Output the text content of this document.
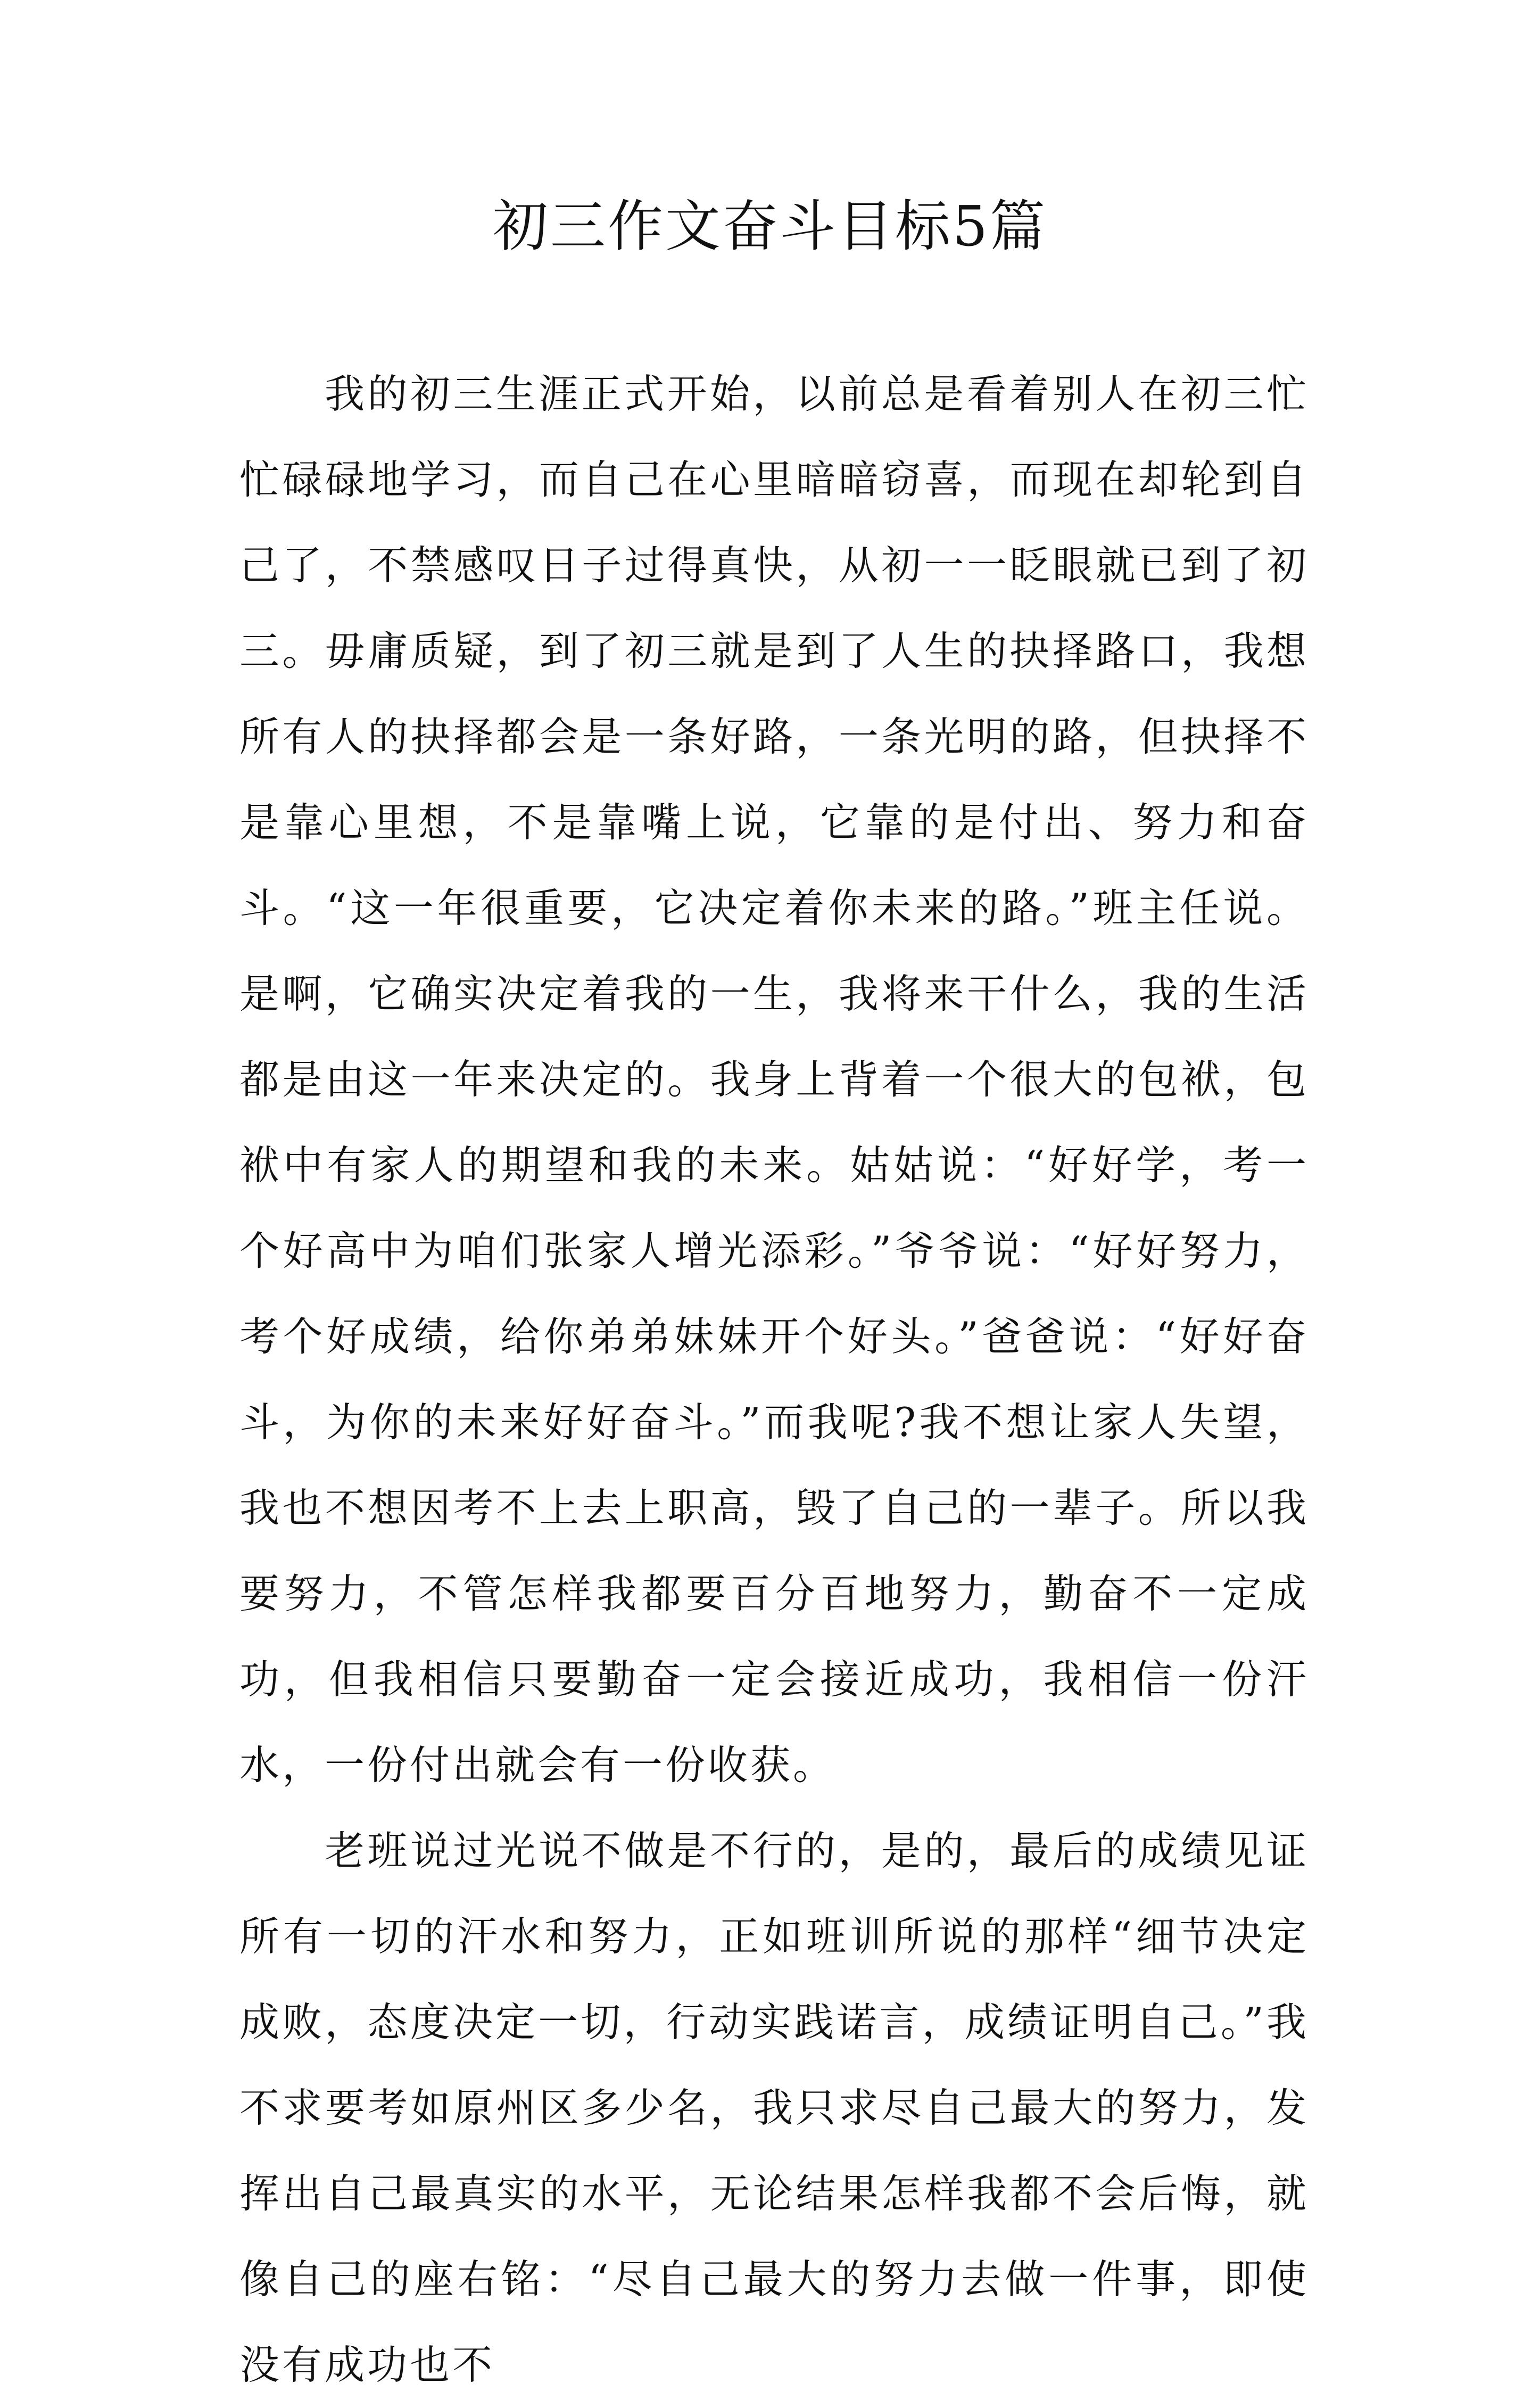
初三作文奋斗目标5篇

我的初三生涯正式开始，以前总是看着别人在初三忙忙碌碌地学习，而自己在心里暗暗窃喜，而现在却轮到自己了，不禁感叹日子过得真快，从初一一眨眼就已到了初三。毋庸质疑，到了初三就是到了人生的抉择路口，我想所有人的抉择都会是一条好路，一条光明的路，但抉择不是靠心里想，不是靠嘴上说，它靠的是付出、努力和奋斗。“这一年很重要，它决定着你未来的路。”班主任说。是啊，它确实决定着我的一生，我将来干什么，我的生活都是由这一年来决定的。我身上背着一个很大的包袱，包袱中有家人的期望和我的未来。姑姑说：“好好学，考一个好高中为咱们张家人增光添彩。”爷爷说：“好好努力，考个好成绩，给你弟弟妹妹开个好头。”爸爸说：“好好奋斗，为你的未来好好奋斗。”而我呢?我不想让家人失望，我也不想因考不上去上职高，毁了自己的一辈子。所以我要努力，不管怎样我都要百分百地努力，勤奋不一定成功，但我相信只要勤奋一定会接近成功，我相信一份汗水，一份付出就会有一份收获。

老班说过光说不做是不行的，是的，最后的成绩见证所有一切的汗水和努力，正如班训所说的那样“细节决定成败，态度决定一切，行动实践诺言，成绩证明自己。”我不求要考如原州区多少名，我只求尽自己最大的努力，发挥出自己最真实的水平，无论结果怎样我都不会后悔，就像自己的座右铭：“尽自己最大的努力去做一件事，即使没有成功也不
